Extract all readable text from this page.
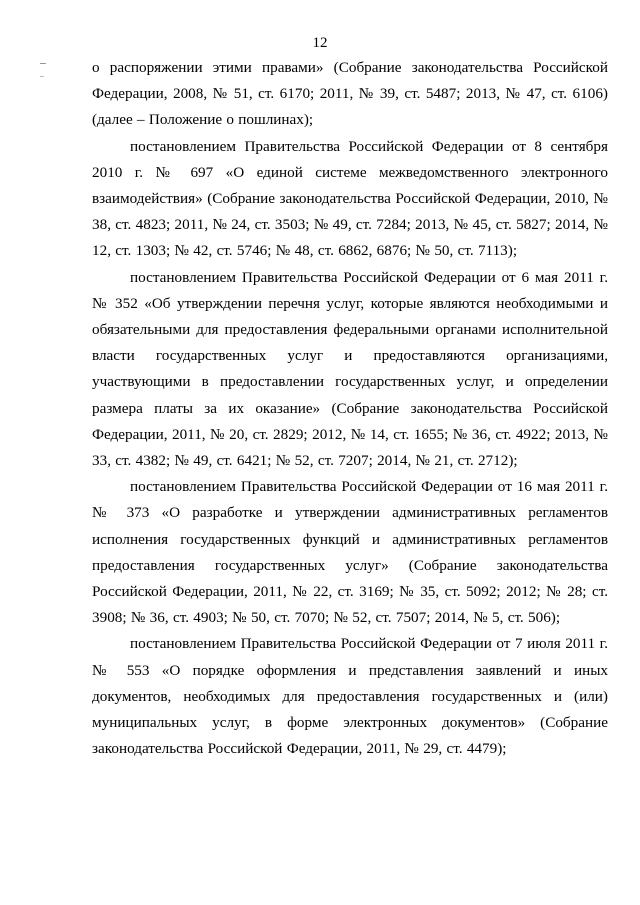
12

о распоряжении этими правами» (Собрание законодательства Российской Федерации, 2008, № 51, ст. 6170; 2011, № 39, ст. 5487; 2013, № 47, ст. 6106) (далее – Положение о пошлинах);

постановлением Правительства Российской Федерации от 8 сентября 2010 г. № 697 «О единой системе межведомственного электронного взаимодействия» (Собрание законодательства Российской Федерации, 2010, № 38, ст. 4823; 2011, № 24, ст. 3503; № 49, ст. 7284; 2013, № 45, ст. 5827; 2014, № 12, ст. 1303; № 42, ст. 5746; № 48, ст. 6862, 6876; № 50, ст. 7113);

постановлением Правительства Российской Федерации от 6 мая 2011 г. № 352 «Об утверждении перечня услуг, которые являются необходимыми и обязательными для предоставления федеральными органами исполнительной власти государственных услуг и предоставляются организациями, участвующими в предоставлении государственных услуг, и определении размера платы за их оказание» (Собрание законодательства Российской Федерации, 2011, № 20, ст. 2829; 2012, № 14, ст. 1655; № 36, ст. 4922; 2013, № 33, ст. 4382; № 49, ст. 6421; № 52, ст. 7207; 2014, № 21, ст. 2712);

постановлением Правительства Российской Федерации от 16 мая 2011 г. № 373 «О разработке и утверждении административных регламентов исполнения государственных функций и административных регламентов предоставления государственных услуг» (Собрание законодательства Российской Федерации, 2011, № 22, ст. 3169; № 35, ст. 5092; 2012; № 28; ст. 3908; № 36, ст. 4903; № 50, ст. 7070; № 52, ст. 7507; 2014, № 5, ст. 506);

постановлением Правительства Российской Федерации от 7 июля 2011 г. № 553 «О порядке оформления и представления заявлений и иных документов, необходимых для предоставления государственных и (или) муниципальных услуг, в форме электронных документов» (Собрание законодательства Российской Федерации, 2011, № 29, ст. 4479);
